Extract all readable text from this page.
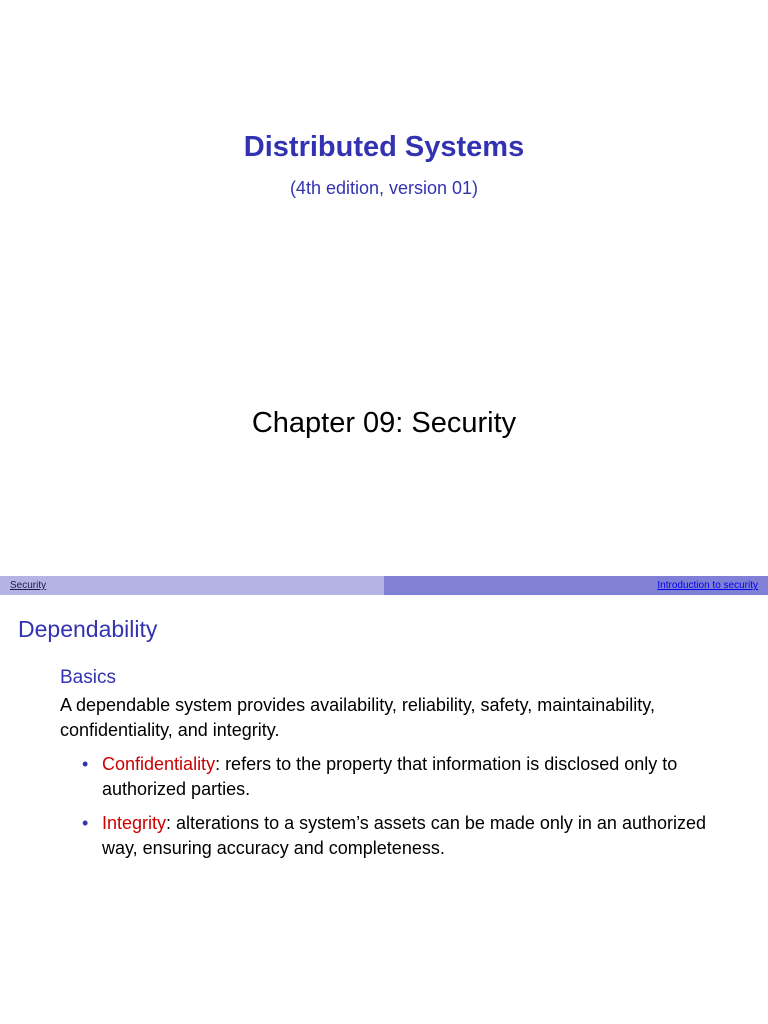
Distributed Systems
(4th edition, version 01)
Chapter 09: Security
Security	Introduction to security
Dependability
Basics
A dependable system provides availability, reliability, safety, maintainability, confidentiality, and integrity.
• Confidentiality: refers to the property that information is disclosed only to authorized parties.
• Integrity: alterations to a system’s assets can be made only in an authorized way, ensuring accuracy and completeness.
